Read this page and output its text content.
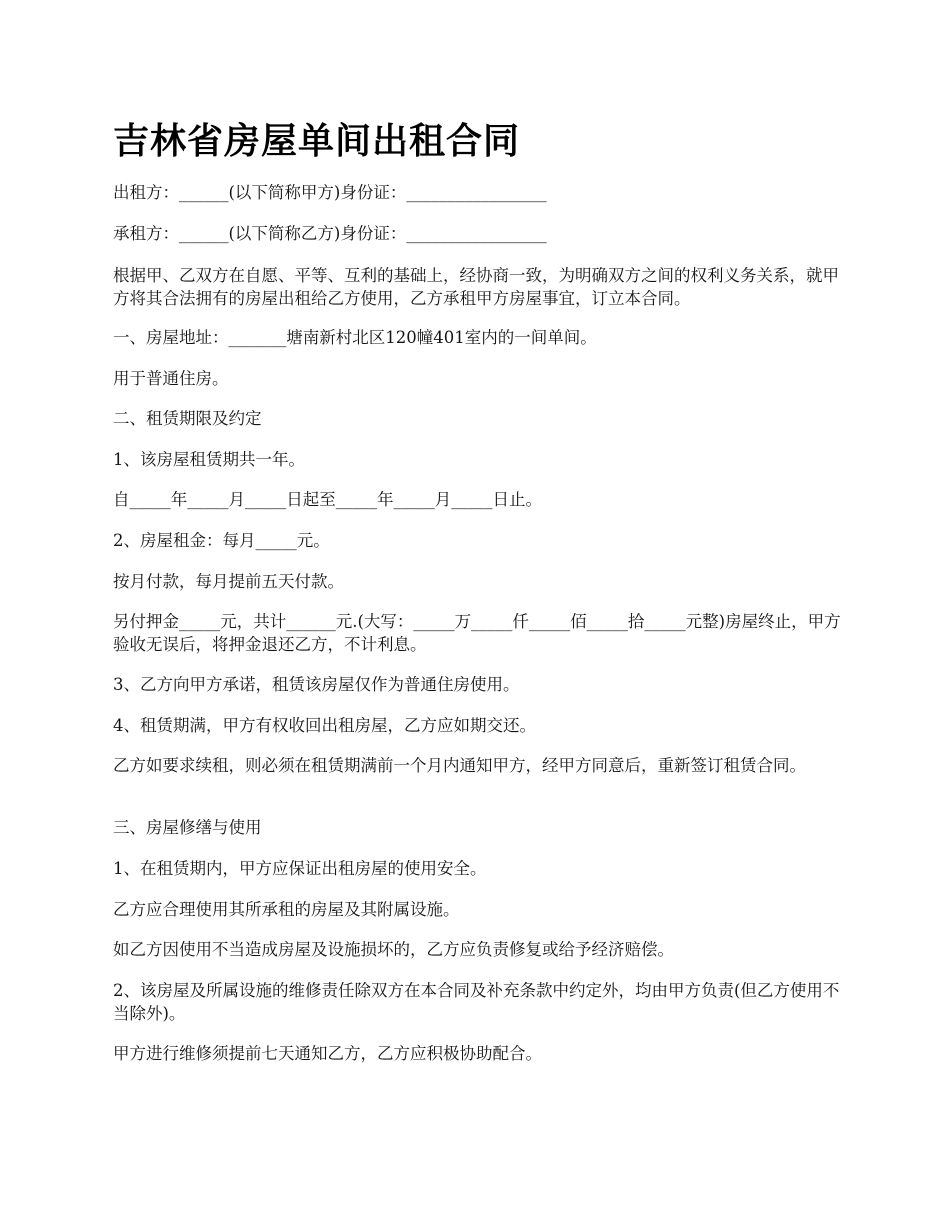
吉林省房屋单间出租合同

出租方：______(以下简称甲方)身份证：_________________

承租方：______(以下简称乙方)身份证：_________________

根据甲、乙双方在自愿、平等、互利的基础上，经协商一致，为明确双方之间的权利义务关系，就甲方将其合法拥有的房屋出租给乙方使用，乙方承租甲方房屋事宜，订立本合同。

一、房屋地址：_______塘南新村北区120幢401室内的一间单间。

用于普通住房。

二、租赁期限及约定

1、该房屋租赁期共一年。

自_____年_____月_____日起至_____年_____月_____日止。

2、房屋租金：每月_____元。

按月付款，每月提前五天付款。

另付押金_____元，共计______元.(大写：_____万_____仟_____佰_____拾_____元整)房屋终止，甲方验收无误后，将押金退还乙方，不计利息。

3、乙方向甲方承诺，租赁该房屋仅作为普通住房使用。

4、租赁期满，甲方有权收回出租房屋，乙方应如期交还。

乙方如要求续租，则必须在租赁期满前一个月内通知甲方，经甲方同意后，重新签订租赁合同。

三、房屋修缮与使用

1、在租赁期内，甲方应保证出租房屋的使用安全。

乙方应合理使用其所承租的房屋及其附属设施。

如乙方因使用不当造成房屋及设施损坏的，乙方应负责修复或给予经济赔偿。

2、该房屋及所属设施的维修责任除双方在本合同及补充条款中约定外，均由甲方负责(但乙方使用不当除外)。

甲方进行维修须提前七天通知乙方，乙方应积极协助配合。
